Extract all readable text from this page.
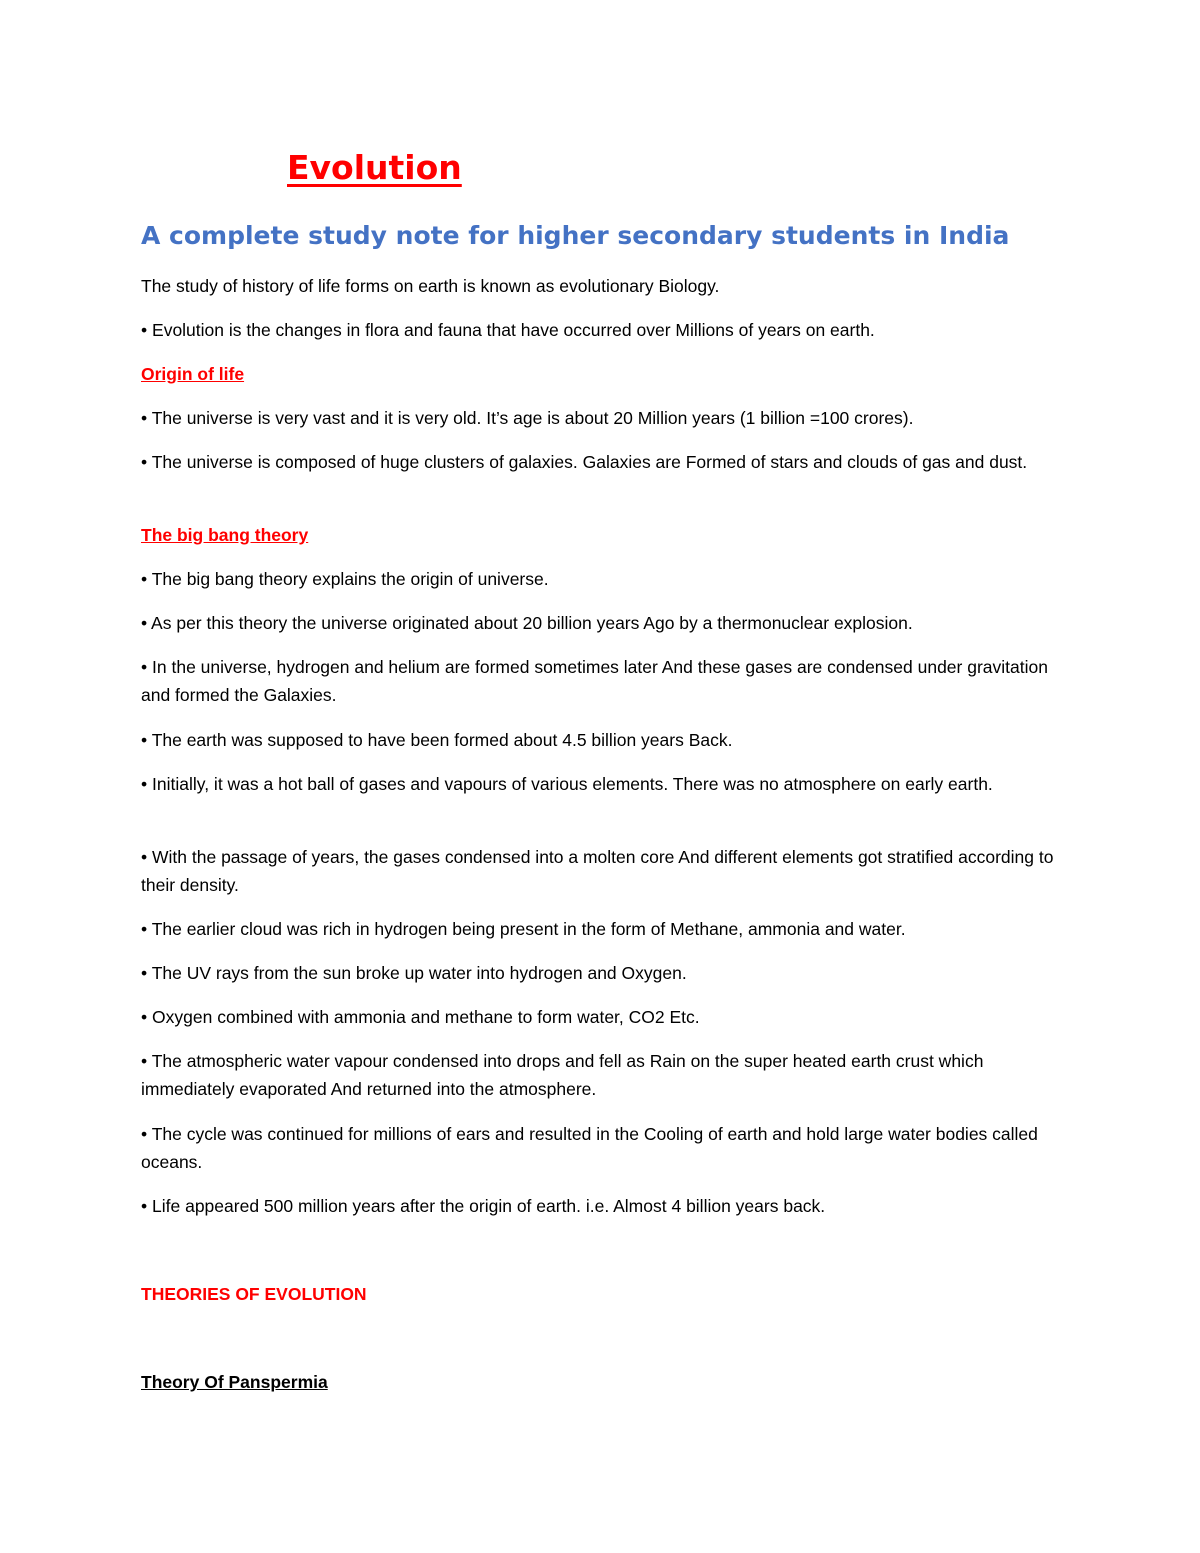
Evolution
A complete study note for higher secondary students in India

The study of history of life forms on earth is known as evolutionary Biology.

• Evolution is the changes in flora and fauna that have occurred over Millions of years on earth.

Origin of life

• The universe is very vast and it is very old. It’s age is about 20 Million years (1 billion =100 crores).

• The universe is composed of huge clusters of galaxies. Galaxies are Formed of stars and clouds of gas and dust.

The big bang theory

• The big bang theory explains the origin of universe.

• As per this theory the universe originated about 20 billion years Ago by a thermonuclear explosion.

• In the universe, hydrogen and helium are formed sometimes later And these gases are condensed under gravitation and formed the Galaxies.

• The earth was supposed to have been formed about 4.5 billion years Back.

• Initially, it was a hot ball of gases and vapours of various elements. There was no atmosphere on early earth.

• With the passage of years, the gases condensed into a molten core And different elements got stratified according to their density.

• The earlier cloud was rich in hydrogen being present in the form of Methane, ammonia and water.

• The UV rays from the sun broke up water into hydrogen and Oxygen.

• Oxygen combined with ammonia and methane to form water, CO2 Etc.

• The atmospheric water vapour condensed into drops and fell as Rain on the super heated earth crust which immediately evaporated And returned into the atmosphere.

• The cycle was continued for millions of ears and resulted in the Cooling of earth and hold large water bodies called oceans.

• Life appeared 500 million years after the origin of earth. i.e. Almost 4 billion years back.

THEORIES OF EVOLUTION

Theory Of Panspermia
